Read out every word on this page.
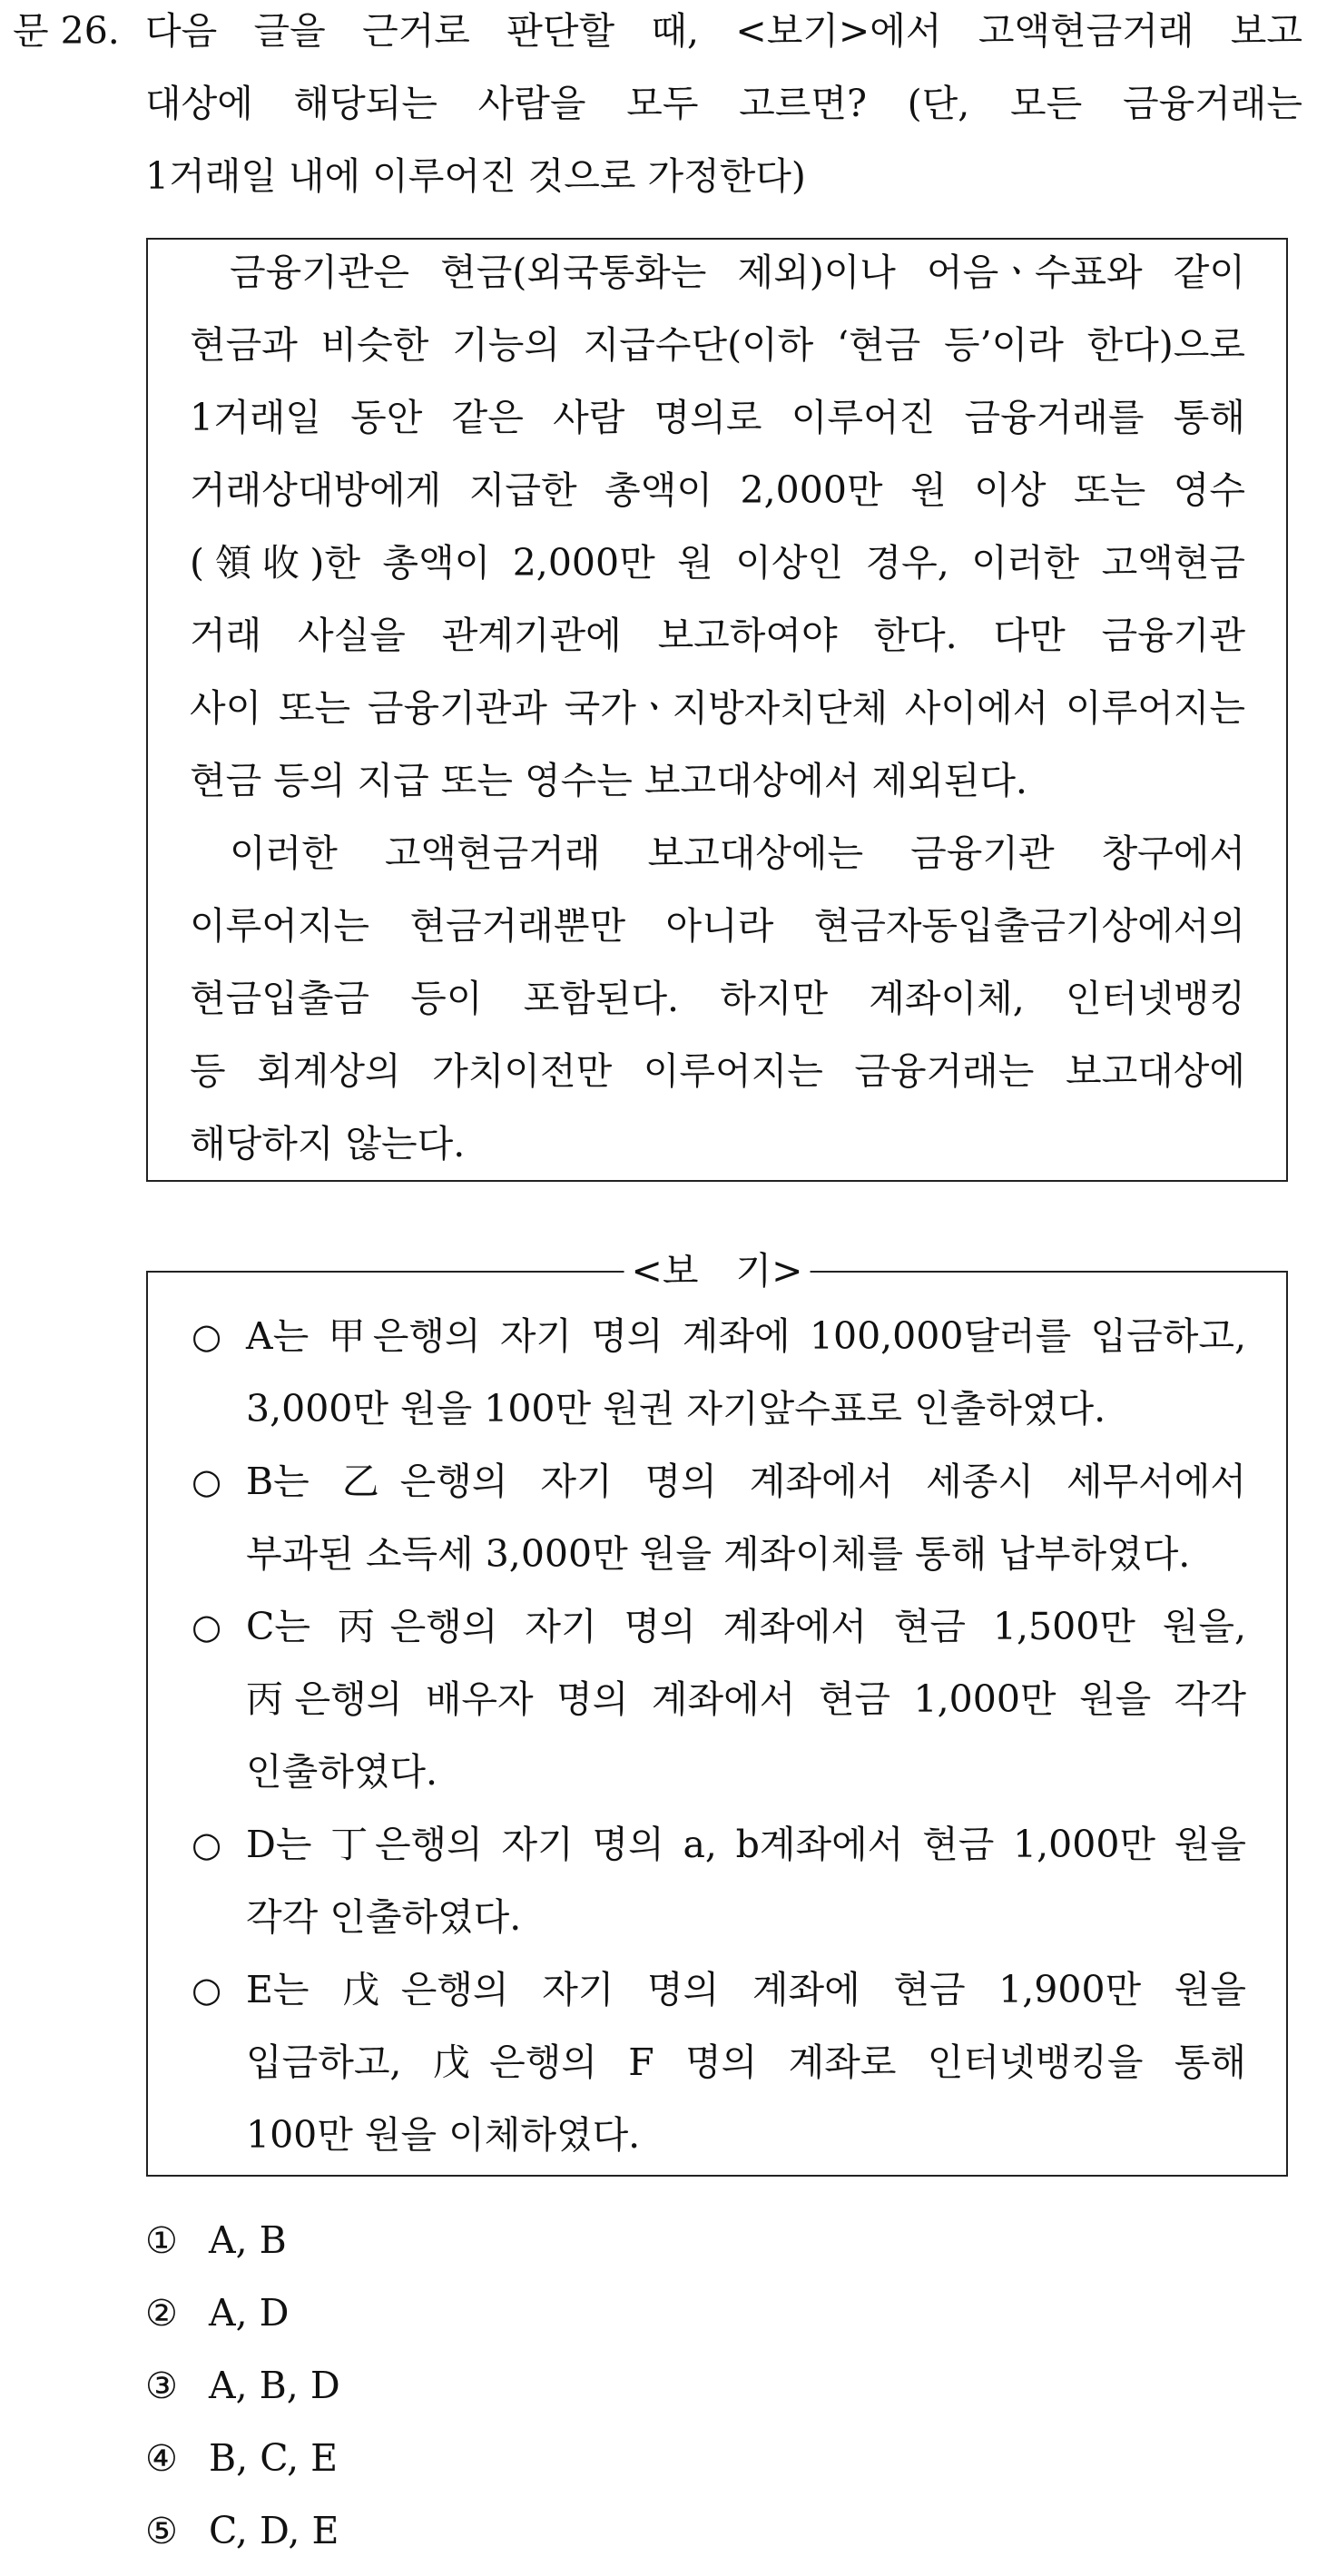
문 26. 다음 글을 근거로 판단할 때, <보기>에서 고액현금거래 보고
대상에 해당되는 사람을 모두 고르면? (단, 모든 금융거래는
1거래일 내에 이루어진 것으로 가정한다)
금융기관은 현금(외국통화는 제외)이나 어음ㆍ수표와 같이
현금과 비슷한 기능의 지급수단(이하 ‘현금 등’이라 한다)으로
1거래일 동안 같은 사람 명의로 이루어진 금융거래를 통해
거래상대방에게 지급한 총액이 2,000만 원 이상 또는 영수
(領收)한 총액이 2,000만 원 이상인 경우, 이러한 고액현금
거래 사실을 관계기관에 보고하여야 한다. 다만 금융기관
사이 또는 금융기관과 국가ㆍ지방자치단체 사이에서 이루어지는
현금 등의 지급 또는 영수는 보고대상에서 제외된다.
이러한 고액현금거래 보고대상에는 금융기관 창구에서
이루어지는 현금거래뿐만 아니라 현금자동입출금기상에서의
현금입출금 등이 포함된다. 하지만 계좌이체, 인터넷뱅킹
등 회계상의 가치이전만 이루어지는 금융거래는 보고대상에
해당하지 않는다.
<보　기>
○ A는 甲은행의 자기 명의 계좌에 100,000달러를 입금하고,
3,000만 원을 100만 원권 자기앞수표로 인출하였다.
○ B는 乙은행의 자기 명의 계좌에서 세종시 세무서에서
부과된 소득세 3,000만 원을 계좌이체를 통해 납부하였다.
○ C는 丙은행의 자기 명의 계좌에서 현금 1,500만 원을,
丙은행의 배우자 명의 계좌에서 현금 1,000만 원을 각각
인출하였다.
○ D는 丁은행의 자기 명의 a, b계좌에서 현금 1,000만 원을
각각 인출하였다.
○ E는 戊은행의 자기 명의 계좌에 현금 1,900만 원을
입금하고, 戊은행의 F 명의 계좌로 인터넷뱅킹을 통해
100만 원을 이체하였다.
① A, B
② A, D
③ A, B, D
④ B, C, E
⑤ C, D, E
